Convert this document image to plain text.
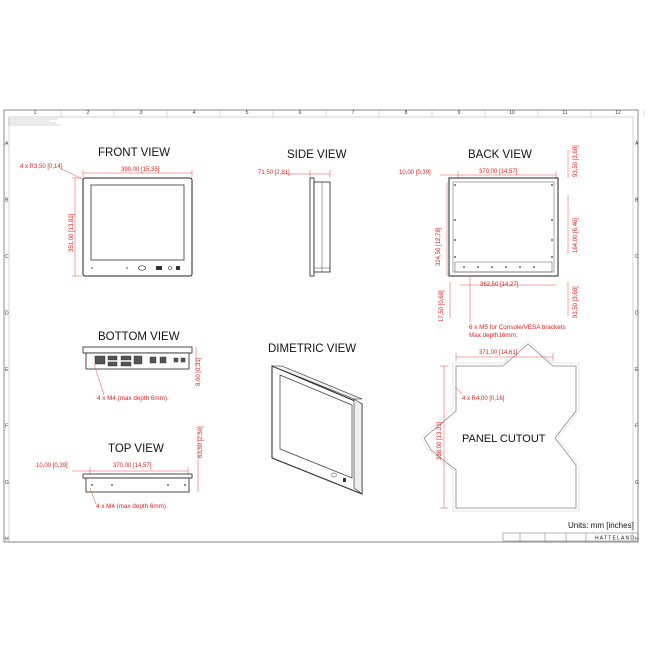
1	2	3	4	5	6	7	8	9	10	11	12
A	A
B	B
C	C
D	D
E	E
F	F
G	G
H	H
FRONT VIEW
4 x R3,50 [0,14]	390,00 [15,35]
351,00 [13,82]
SIDE VIEW
71,50 [2,81]
BACK VIEW
10,00 [0,39]	370,00 [14,57]	93,50 [3,68]
324,50 [12,78]	164,00 [6,46]
362,50 [14,27]
17,50 [0,69]	93,50 [3,68]
6 x M5 for Console/VESA brackets
Max depth16mm.
BOTTOM VIEW
8,00 [0,31]
4 x M4 (max depth 6mm).
TOP VIEW
10,00 [0,39]	370,00 [14,57]
63,50 [2,50]
4 x M4 (max depth 6mm).
DIMETRIC VIEW
PANEL CUTOUT
371,00 [14,61]
4 x R4,00 [0,16]
338,00 [13,31]
Units: mm [inches]
HATTELAND
